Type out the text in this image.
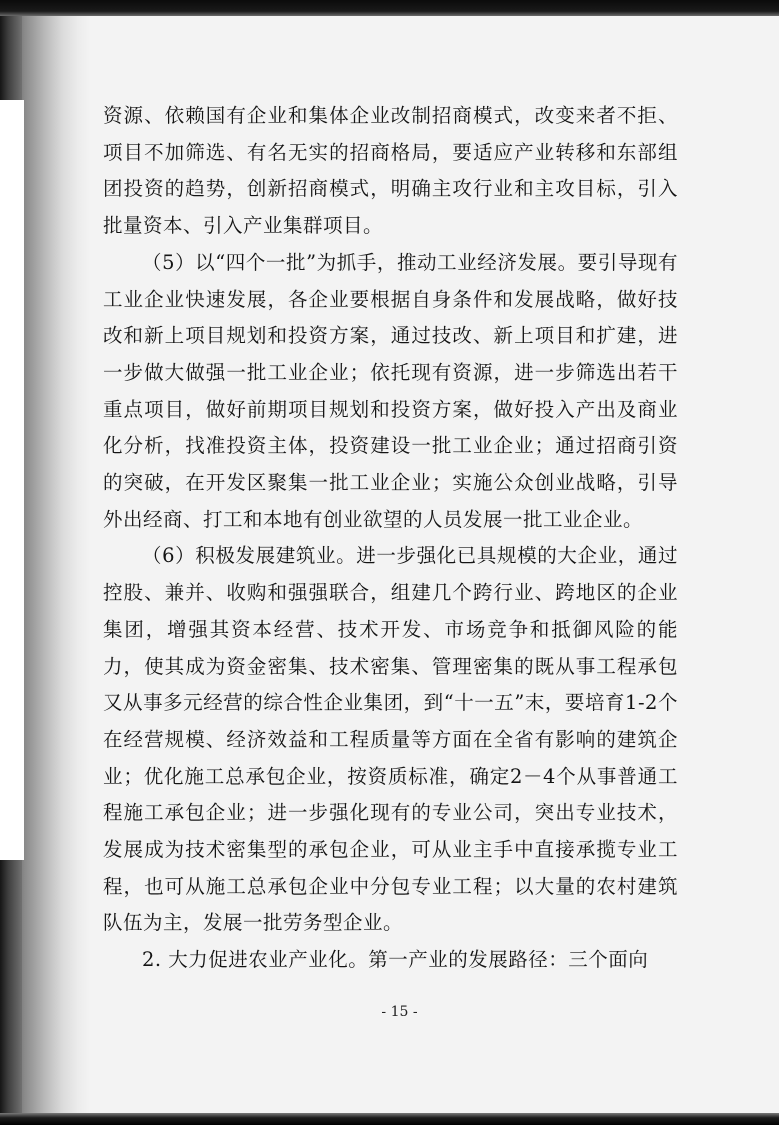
资源、依赖国有企业和集体企业改制招商模式，改变来者不拒、项目不加筛选、有名无实的招商格局，要适应产业转移和东部组团投资的趋势，创新招商模式，明确主攻行业和主攻目标，引入批量资本、引入产业集群项目。

（5）以“四个一批”为抓手，推动工业经济发展。要引导现有工业企业快速发展，各企业要根据自身条件和发展战略，做好技改和新上项目规划和投资方案，通过技改、新上项目和扩建，进一步做大做强一批工业企业；依托现有资源，进一步筛选出若干重点项目，做好前期项目规划和投资方案，做好投入产出及商业化分析，找准投资主体，投资建设一批工业企业；通过招商引资的突破，在开发区聚集一批工业企业；实施公众创业战略，引导外出经商、打工和本地有创业欲望的人员发展一批工业企业。

（6）积极发展建筑业。进一步强化已具规模的大企业，通过控股、兼并、收购和强强联合，组建几个跨行业、跨地区的企业集团，增强其资本经营、技术开发、市场竞争和抵御风险的能力，使其成为资金密集、技术密集、管理密集的既从事工程承包又从事多元经营的综合性企业集团，到“十一五”末，要培育1-2个在经营规模、经济效益和工程质量等方面在全省有影响的建筑企业；优化施工总承包企业，按资质标准，确定2－4个从事普通工程施工承包企业；进一步强化现有的专业公司，突出专业技术，发展成为技术密集型的承包企业，可从业主手中直接承揽专业工程，也可从施工总承包企业中分包专业工程；以大量的农村建筑队伍为主，发展一批劳务型企业。

2. 大力促进农业产业化。第一产业的发展路径：三个面向

- 15 -
